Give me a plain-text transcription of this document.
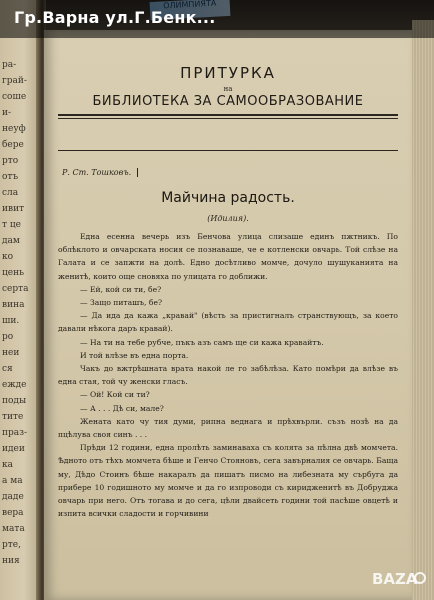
ра-
грай-
соше
и-
неуф
бере
рто
отъ
сла
ивит
т це
дам
ко
цень
серта
вина
ши.
ро
неи
ся
ежде
поды
тите
праз-
идеи
ка
а ма
даде
вера
мата
рте,
ния
ПРИТУРКА
на
БИБЛИОТЕКА ЗА САМООБРАЗОВАНИЕ
Р. Ст. Тошковъ.
Майчина радость.
(Идилия).

Една есенна вечерь изъ Бенчова улица слизаше единъ пжтникъ. По облѣклото и овчарската носия се познаваше, че е котленски овчарь. Той слѣзе на Галата и се запжти на долѣ. Едно досѣтливо момче, дочуло шушуканията на женитѣ, които още сновяха по улицата го доближи.

— Ей, кой си ти, бе?

— Защо питашъ, бе?

— Да ида да кажа „кравай" (вѣсть за пристигналъ странствующъ, за което давали нѣкога даръ кравай).

— На ти на тебе рубче, пъкъ азъ самъ ще си кажа кравайтъ.

И той влѣзе въ една порта.

Чакъ до вжтрѣшната врата накой ле го забѣлѣза. Като помѣри да влѣзе въ една стая, той чу женски гласъ.

— Ой! Кой си ти?

— А . . . Дѣ си, мале?

Жената като чу тия думи, рипна веднага и прѣхвърли. съзъ нозѣ на да пцѣлува своя синъ . . .

Прѣди 12 години, една пролѣть заминаваха съ колята за пѣлна двѣ момчета. Ѣдното отъ тѣхъ момчета бѣше и Генчо Стояновъ, сега завърналия се овчарь. Баща му, Дѣдо Стоинъ бѣше накаралъ да пишатъ писмо на либезната му сърбуга да прибере 10 годишното му момче и да го изпроводи съ киридженитѣ въ Добруджа овчарь при него. Отъ тогава и до сега, цѣли двайсеть години той пасѣше овцетѣ и изпита всички сладости и горчивини

Гр.Варна ул.Г.Бенк...
BAZA
